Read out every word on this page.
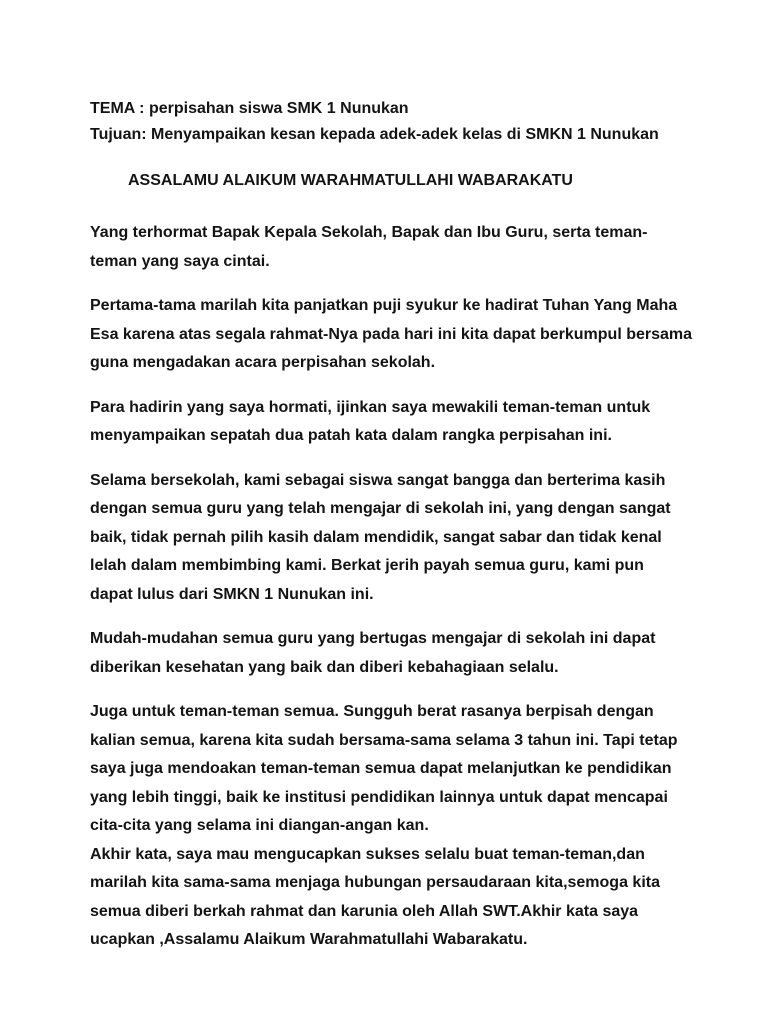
TEMA : perpisahan siswa SMK 1 Nunukan
Tujuan: Menyampaikan kesan kepada adek-adek kelas di SMKN 1 Nunukan
ASSALAMU ALAIKUM WARAHMATULLAHI WABARAKATU
Yang terhormat Bapak Kepala Sekolah, Bapak dan Ibu Guru, serta teman-
teman yang saya cintai.
Pertama-tama marilah kita panjatkan puji syukur ke hadirat Tuhan Yang Maha
Esa karena atas segala rahmat-Nya pada hari ini kita dapat berkumpul bersama
guna mengadakan acara perpisahan sekolah.
Para hadirin yang saya hormati, ijinkan saya mewakili teman-teman untuk
menyampaikan sepatah dua patah kata dalam rangka perpisahan ini.
Selama bersekolah, kami sebagai siswa sangat bangga dan berterima kasih
dengan semua guru yang telah mengajar di sekolah ini, yang dengan sangat
baik, tidak pernah pilih kasih dalam mendidik, sangat sabar dan tidak kenal
lelah dalam membimbing kami. Berkat jerih payah semua guru, kami pun
dapat lulus dari SMKN 1 Nunukan ini.
Mudah-mudahan semua guru yang bertugas mengajar di sekolah ini dapat
diberikan kesehatan yang baik dan diberi kebahagiaan selalu.
Juga untuk teman-teman semua. Sungguh berat rasanya berpisah dengan
kalian semua, karena kita sudah bersama-sama selama 3 tahun ini. Tapi tetap
saya juga mendoakan teman-teman semua dapat melanjutkan ke pendidikan
yang lebih tinggi, baik ke institusi pendidikan lainnya untuk dapat mencapai
cita-cita yang selama ini diangan-angan kan.
Akhir kata, saya mau mengucapkan sukses selalu buat teman-teman,dan
marilah kita sama-sama menjaga hubungan persaudaraan kita,semoga kita
semua diberi berkah rahmat dan karunia oleh Allah SWT.Akhir kata saya
ucapkan ,Assalamu Alaikum Warahmatullahi Wabarakatu.
